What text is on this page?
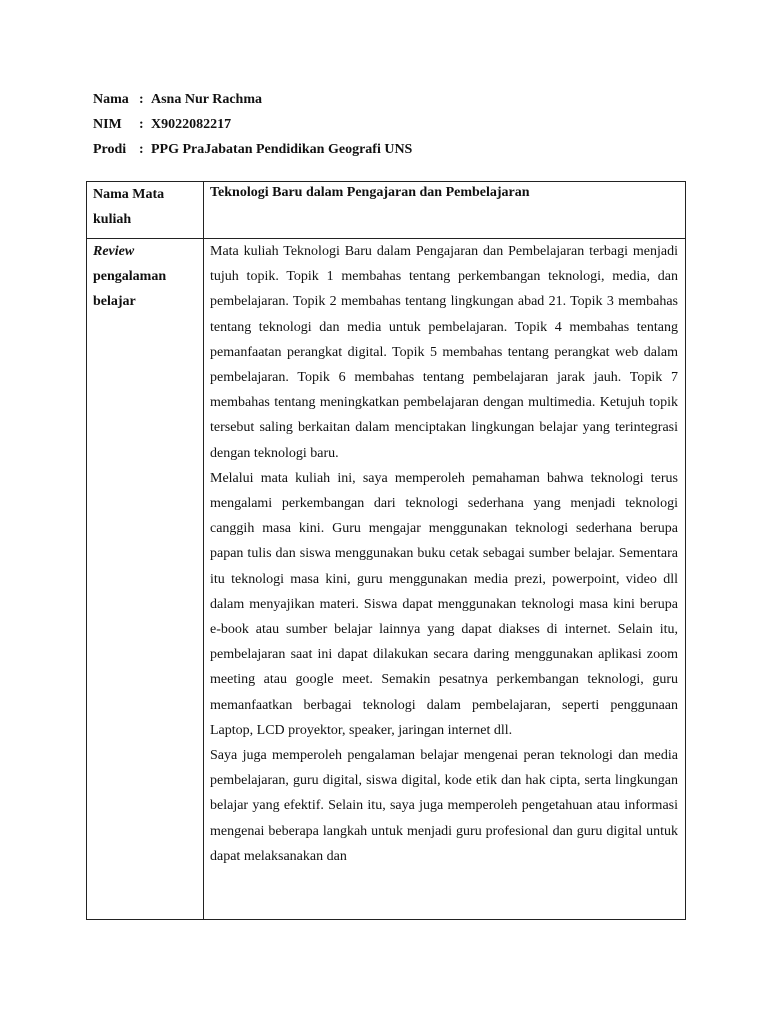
Nama : Asna Nur Rachma
NIM	: X9022082217
Prodi : PPG PraJabatan Pendidikan Geografi UNS
Nama Mata kuliah	Teknologi Baru dalam Pengajaran dan Pembelajaran

Review pengalaman belajar	Mata kuliah Teknologi Baru dalam Pengajaran dan Pembelajaran terbagi menjadi tujuh topik. Topik 1 membahas tentang perkembangan teknologi, media, dan pembelajaran. Topik 2 membahas tentang lingkungan abad 21. Topik 3 membahas tentang teknologi dan media untuk pembelajaran. Topik 4 membahas tentang pemanfaatan perangkat digital. Topik 5 membahas tentang perangkat web dalam pembelajaran. Topik 6 membahas tentang pembelajaran jarak jauh. Topik 7 membahas tentang meningkatkan pembelajaran dengan multimedia. Ketujuh topik tersebut saling berkaitan dalam menciptakan lingkungan belajar yang terintegrasi dengan teknologi baru.

Melalui mata kuliah ini, saya memperoleh pemahaman bahwa teknologi terus mengalami perkembangan dari teknologi sederhana yang menjadi teknologi canggih masa kini. Guru mengajar menggunakan teknologi sederhana berupa papan tulis dan siswa menggunakan buku cetak sebagai sumber belajar. Sementara itu teknologi masa kini, guru menggunakan media prezi, powerpoint, video dll dalam menyajikan materi. Siswa dapat menggunakan teknologi masa kini berupa e-book atau sumber belajar lainnya yang dapat diakses di internet. Selain itu, pembelajaran saat ini dapat dilakukan secara daring menggunakan aplikasi zoom meeting atau google meet. Semakin pesatnya perkembangan teknologi, guru memanfaatkan berbagai teknologi dalam pembelajaran, seperti penggunaan Laptop, LCD proyektor, speaker, jaringan internet dll.

Saya juga memperoleh pengalaman belajar mengenai peran teknologi dan media pembelajaran, guru digital, siswa digital, kode etik dan hak cipta, serta lingkungan belajar yang efektif. Selain itu, saya juga memperoleh pengetahuan atau informasi mengenai beberapa langkah untuk menjadi guru profesional dan guru digital untuk dapat melaksanakan dan
